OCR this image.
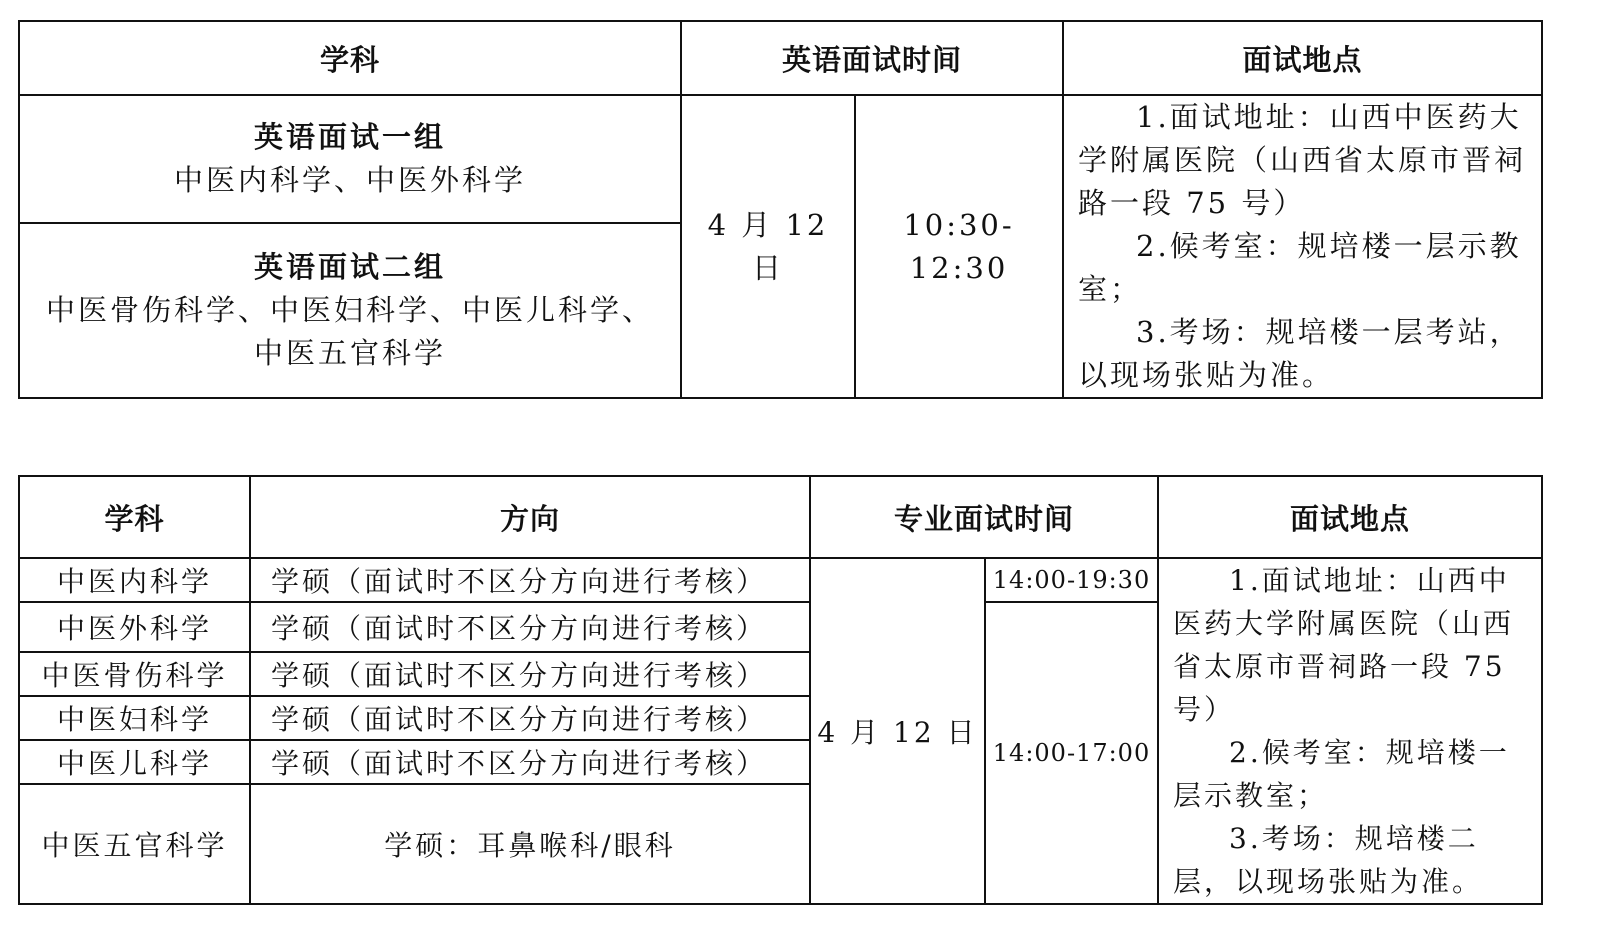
学科	英语面试时间		面试地点

英语面试一组
中医内科学、中医外科学	4 月 12 日	10:30-12:30	1.面试地址：山西中医药大学附属医院（山西省太原市晋祠路一段 75 号）
2.候考室：规培楼一层示教室；
3.考场：规培楼一层考站，以现场张贴为准。

英语面试二组
中医骨伤科学、中医妇科学、中医儿科学、
中医五官科学			
学科	方向	专业面试时间		面试地点
中医内科学	学硕（面试时不区分方向进行考核）	4 月 12 日	14:00-19:30	1.面试地址：山西中医药大学附属医院（山西省太原市晋祠路一段 75 号）
2.候考室：规培楼一层示教室；
3.考场：规培楼二层，以现场张贴为准。

中医外科学	学硕（面试时不区分方向进行考核）		14:00-17:00	
中医骨伤科学	学硕（面试时不区分方向进行考核）			
中医妇科学	学硕（面试时不区分方向进行考核）			
中医儿科学	学硕（面试时不区分方向进行考核）			
中医五官科学	学硕：耳鼻喉科/眼科			
